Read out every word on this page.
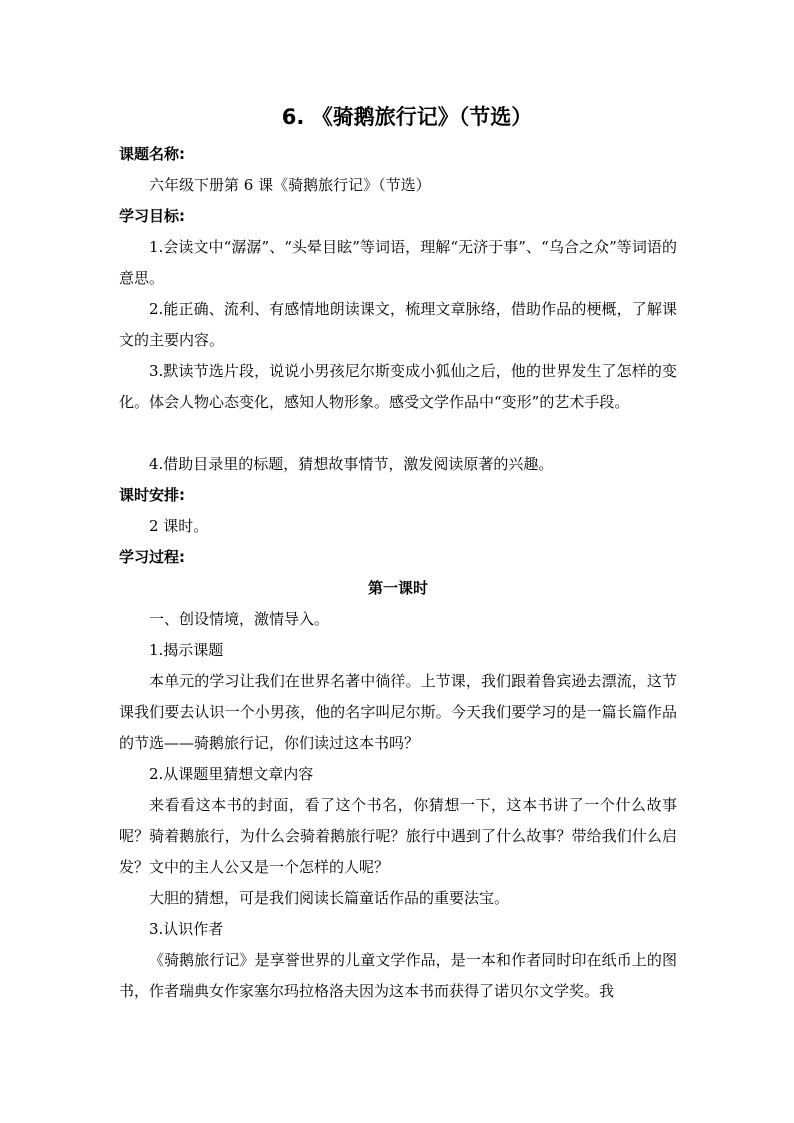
6. 《骑鹅旅行记》（节选）
课题名称:
六年级下册第 6 课《骑鹅旅行记》（节选）
学习目标:
1.会读文中“潺潺”、“头晕目眩”等词语，理解“无济于事”、“乌合之众”等词语的意思。
2.能正确、流利、有感情地朗读课文，梳理文章脉络，借助作品的梗概，了解课文的主要内容。
3.默读节选片段，说说小男孩尼尔斯变成小狐仙之后，他的世界发生了怎样的变化。体会人物心态变化，感知人物形象。感受文学作品中“变形”的艺术手段。
4.借助目录里的标题，猜想故事情节，激发阅读原著的兴趣。
课时安排:
2 课时。
学习过程:
第一课时
一、创设情境，激情导入。
1.揭示课题
本单元的学习让我们在世界名著中徜徉。上节课，我们跟着鲁宾逊去漂流，这节课我们要去认识一个小男孩，他的名字叫尼尔斯。今天我们要学习的是一篇长篇作品的节选——骑鹅旅行记，你们读过这本书吗？
2.从课题里猜想文章内容
来看看这本书的封面，看了这个书名，你猜想一下，这本书讲了一个什么故事呢？骑着鹅旅行，为什么会骑着鹅旅行呢？旅行中遇到了什么故事？带给我们什么启发？文中的主人公又是一个怎样的人呢？
大胆的猜想，可是我们阅读长篇童话作品的重要法宝。
3.认识作者
《骑鹅旅行记》是享誉世界的儿童文学作品，是一本和作者同时印在纸币上的图书，作者瑞典女作家塞尔玛拉格洛夫因为这本书而获得了诺贝尔文学奖。我
